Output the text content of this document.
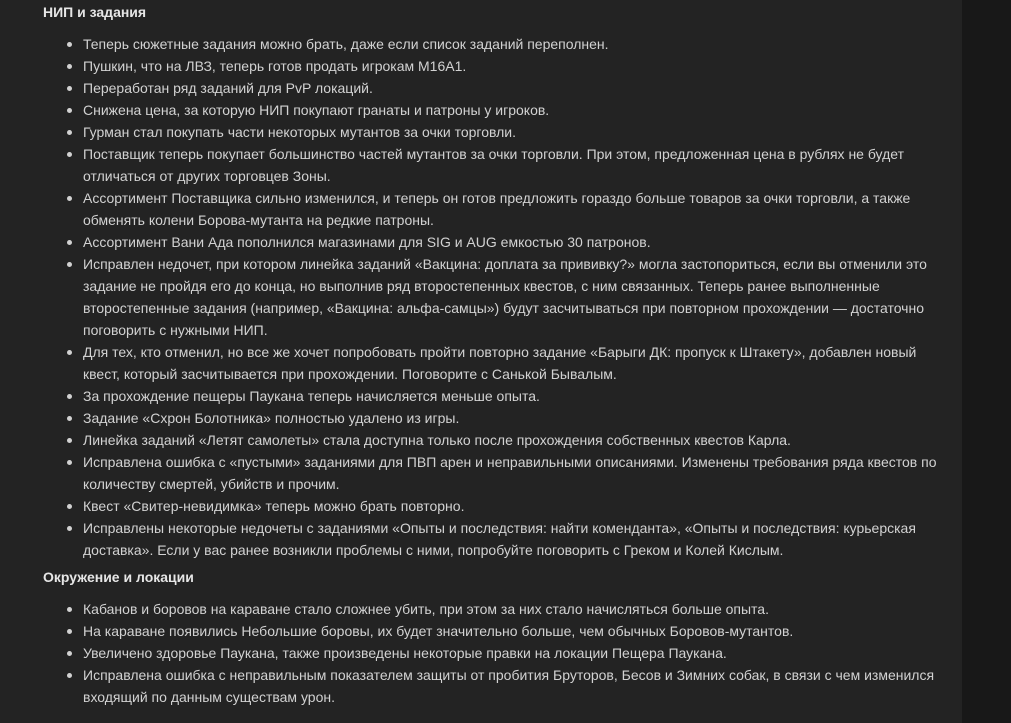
НИП и задания
Теперь сюжетные задания можно брать, даже если список заданий переполнен.
Пушкин, что на ЛВЗ, теперь готов продать игрокам M16A1.
Переработан ряд заданий для PvP локаций.
Снижена цена, за которую НИП покупают гранаты и патроны у игроков.
Гурман стал покупать части некоторых мутантов за очки торговли.
Поставщик теперь покупает большинство частей мутантов за очки торговли. При этом, предложенная цена в рублях не будет отличаться от других торговцев Зоны.
Ассортимент Поставщика сильно изменился, и теперь он готов предложить гораздо больше товаров за очки торговли, а также обменять колени Борова-мутанта на редкие патроны.
Ассортимент Вани Ада пополнился магазинами для SIG и AUG емкостью 30 патронов.
Исправлен недочет, при котором линейка заданий «Вакцина: доплата за прививку?» могла застопориться, если вы отменили это задание не пройдя его до конца, но выполнив ряд второстепенных квестов, с ним связанных. Теперь ранее выполненные второстепенные задания (например, «Вакцина: альфа-самцы») будут засчитываться при повторном прохождении — достаточно поговорить с нужными НИП.
Для тех, кто отменил, но все же хочет попробовать пройти повторно задание «Барыги ДК: пропуск к Штакету», добавлен новый квест, который засчитывается при прохождении. Поговорите с Санькой Бывалым.
За прохождение пещеры Паукана теперь начисляется меньше опыта.
Задание «Схрон Болотника» полностью удалено из игры.
Линейка заданий «Летят самолеты» стала доступна только после прохождения собственных квестов Карла.
Исправлена ошибка с «пустыми» заданиями для ПВП арен и неправильными описаниями. Изменены требования ряда квестов по количеству смертей, убийств и прочим.
Квест «Свитер-невидимка» теперь можно брать повторно.
Исправлены некоторые недочеты с заданиями «Опыты и последствия: найти коменданта», «Опыты и последствия: курьерская доставка». Если у вас ранее возникли проблемы с ними, попробуйте поговорить с Греком и Колей Кислым.
Окружение и локации
Кабанов и боровов на караване стало сложнее убить, при этом за них стало начисляться больше опыта.
На караване появились Небольшие боровы, их будет значительно больше, чем обычных Боровов-мутантов.
Увеличено здоровье Паукана, также произведены некоторые правки на локации Пещера Паукана.
Исправлена ошибка с неправильным показателем защиты от пробития Бруторов, Бесов и Зимних собак, в связи с чем изменился входящий по данным существам урон.
